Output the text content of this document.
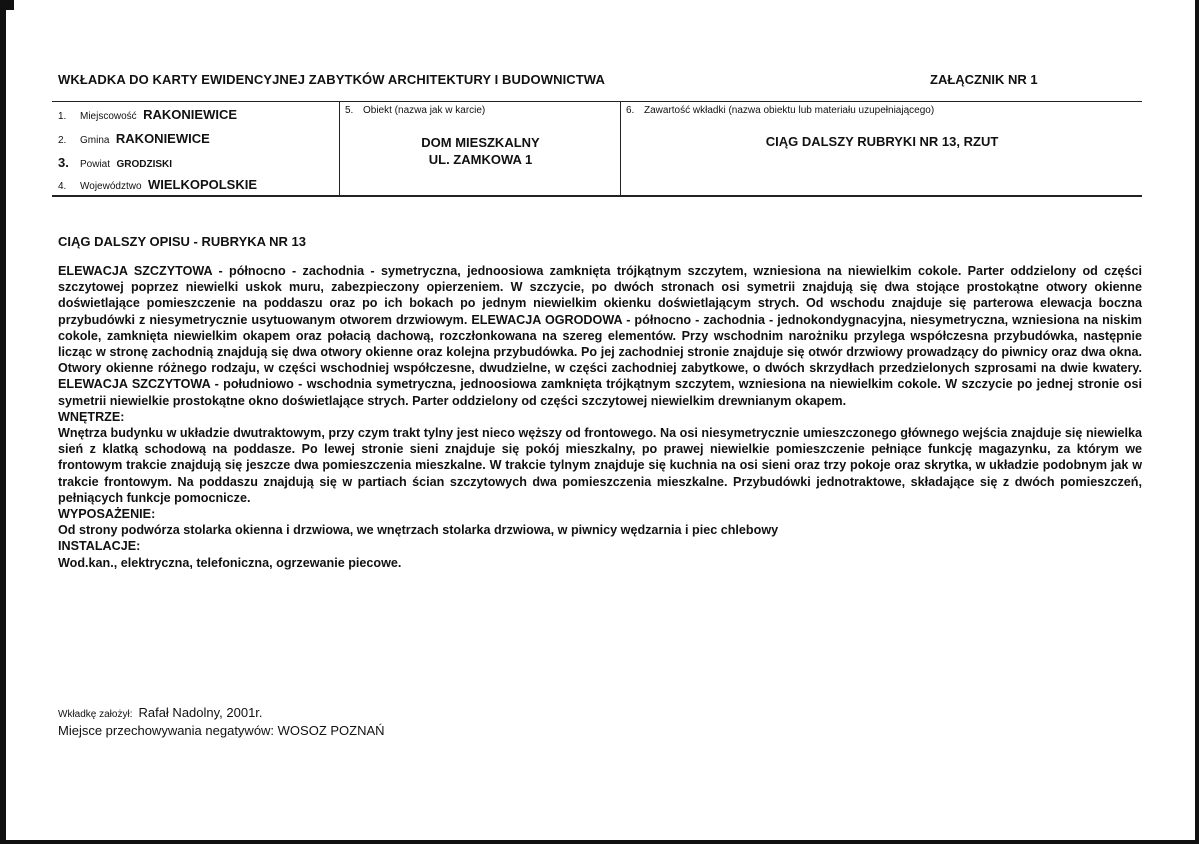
WKŁADKA DO KARTY EWIDENCYJNEJ ZABYTKÓW ARCHITEKTURY I BUDOWNICTWA	ZAŁĄCZNIK NR 1
1. Miejscowość RAKONIEWICE
2. Gmina RAKONIEWICE
3. Powiat GRODZISKI
4. Województwo WIELKOPOLSKIE
5. Obiekt (nazwa jak w karcie)
DOM MIESZKALNY
UL. ZAMKOWA 1
6. Zawartość wkładki (nazwa obiektu lub materiału uzupełniającego)
CIĄG DALSZY RUBRYKI NR 13, RZUT
CIĄG DALSZY OPISU - RUBRYKA NR 13

ELEWACJA SZCZYTOWA - północno - zachodnia - symetryczna, jednoosiowa zamknięta trójkątnym szczytem, wzniesiona na niewielkim cokole. Parter oddzielony od części szczytowej poprzez niewielki uskok muru, zabezpieczony opierzeniem. W szczycie, po dwóch stronach osi symetrii znajdują się dwa stojące prostokątne otwory okienne doświetlające pomieszczenie na poddaszu oraz po ich bokach po jednym niewielkim okienku doświetlającym strych. Od wschodu znajduje się parterowa elewacja boczna przybudówki z niesymetrycznie usytuowanym otworem drzwiowym. ELEWACJA OGRODOWA - północno - zachodnia - jednokondygnacyjna, niesymetryczna, wzniesiona na niskim cokole, zamknięta niewielkim okapem oraz połacią dachową, rozczłonkowana na szereg elementów. Przy wschodnim narożniku przylega współczesna przybudówka, następnie licząc w stronę zachodnią znajdują się dwa otwory okienne oraz kolejna przybudówka. Po jej zachodniej stronie znajduje się otwór drzwiowy prowadzący do piwnicy oraz dwa okna. Otwory okienne różnego rodzaju, w części wschodniej współczesne, dwudzielne, w części zachodniej zabytkowe, o dwóch skrzydłach przedzielonych szprosami na dwie kwatery. ELEWACJA SZCZYTOWA - południowo - wschodnia symetryczna, jednoosiowa zamknięta trójkątnym szczytem, wzniesiona na niewielkim cokole. W szczycie po jednej stronie osi symetrii niewielkie prostokątne okno doświetlające strych. Parter oddzielony od części szczytowej niewielkim drewnianym okapem.

WNĘTRZE:

Wnętrza budynku w układzie dwutraktowym, przy czym trakt tylny jest nieco węższy od frontowego. Na osi niesymetrycznie umieszczonego głównego wejścia znajduje się niewielka sień z klatką schodową na poddasze. Po lewej stronie sieni znajduje się pokój mieszkalny, po prawej niewielkie pomieszczenie pełniące funkcję magazynku, za którym we frontowym trakcie znajdują się jeszcze dwa pomieszczenia mieszkalne. W trakcie tylnym znajduje się kuchnia na osi sieni oraz trzy pokoje oraz skrytka, w układzie podobnym jak w trakcie frontowym. Na poddaszu znajdują się w partiach ścian szczytowych dwa pomieszczenia mieszkalne. Przybudówki jednotraktowe, składające się z dwóch pomieszczeń, pełniących funkcje pomocnicze.

WYPOSAŻENIE:

Od strony podwórza stolarka okienna i drzwiowa, we wnętrzach stolarka drzwiowa, w piwnicy wędzarnia i piec chlebowy

INSTALACJE:

Wod.kan., elektryczna, telefoniczna, ogrzewanie piecowe.

Wkładkę założył: Rafał Nadolny, 2001r.
Miejsce przechowywania negatywów: WOSOZ POZNAŃ
